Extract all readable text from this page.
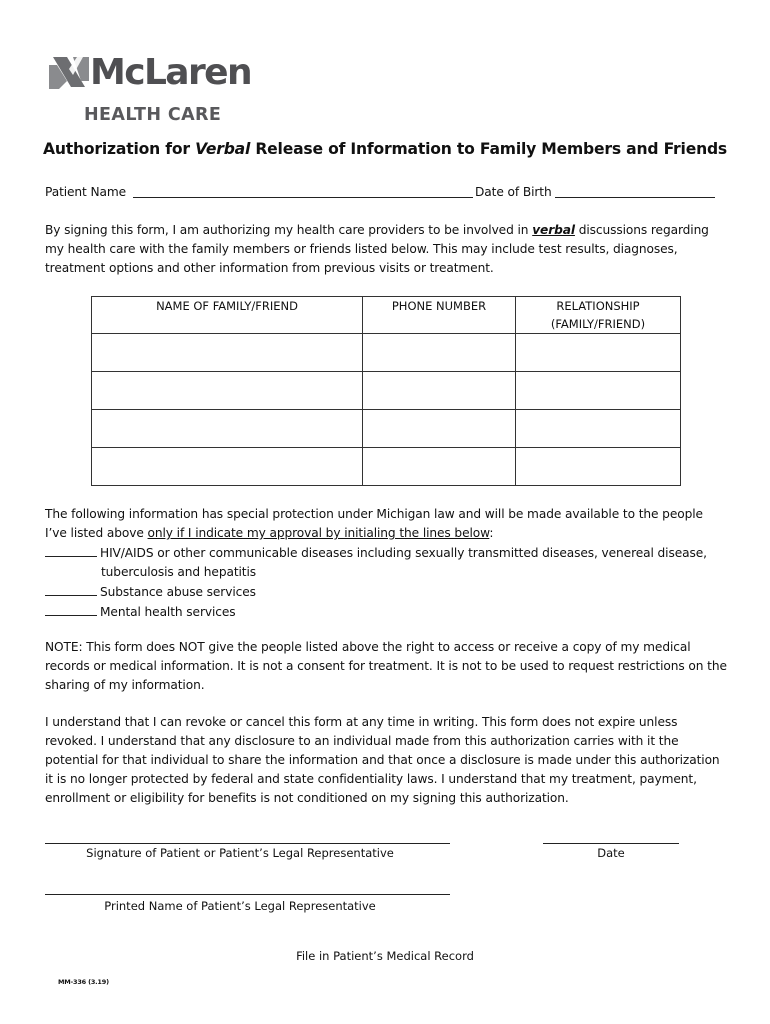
McLaren
HEALTH CARE
Authorization for Verbal Release of Information to Family Members and Friends
Patient Name	Date of Birth
By signing this form, I am authorizing my health care providers to be involved in verbal discussions regarding my health care with the family members or friends listed below. This may include test results, diagnoses, treatment options and other information from previous visits or treatment.
NAME OF FAMILY/FRIEND	PHONE NUMBER	RELATIONSHIP
(FAMILY/FRIEND)

The following information has special protection under Michigan law and will be made available to the people
I’ve listed above only if I indicate my approval by initialing the lines below:
HIV/AIDS or other communicable diseases including sexually transmitted diseases, venereal disease,
tuberculosis and hepatitis
Substance abuse services
Mental health services
NOTE: This form does NOT give the people listed above the right to access or receive a copy of my medical records or medical information. It is not a consent for treatment. It is not to be used to request restrictions on the sharing of my information.
I understand that I can revoke or cancel this form at any time in writing. This form does not expire unless revoked. I understand that any disclosure to an individual made from this authorization carries with it the potential for that individual to share the information and that once a disclosure is made under this authorization it is no longer protected by federal and state confidentiality laws. I understand that my treatment, payment, enrollment or eligibility for benefits is not conditioned on my signing this authorization.
Signature of Patient or Patient’s Legal Representative	Date
Printed Name of Patient’s Legal Representative
File in Patient’s Medical Record
MM-336 (3.19)
